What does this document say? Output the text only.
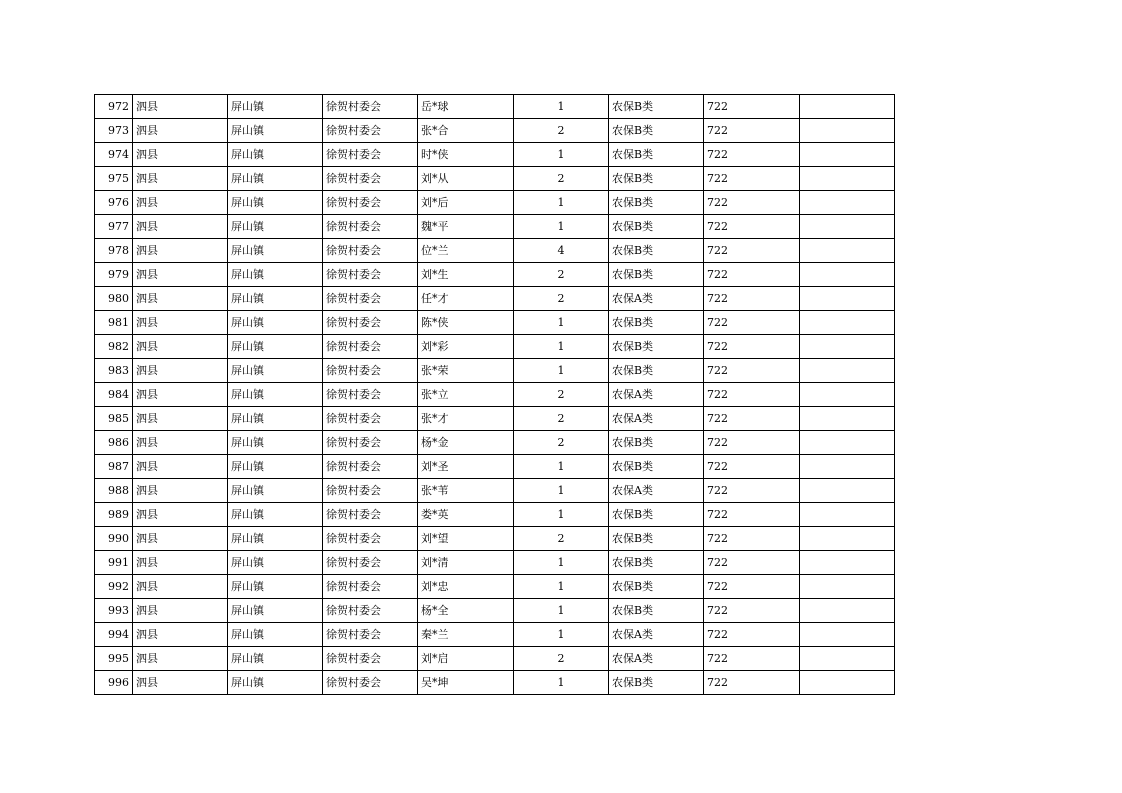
972	泗县	屏山镇	徐贺村委会	岳*球	1	农保B类	722	
973	泗县	屏山镇	徐贺村委会	张*合	2	农保B类	722	
974	泗县	屏山镇	徐贺村委会	时*侠	1	农保B类	722	
975	泗县	屏山镇	徐贺村委会	刘*从	2	农保B类	722	
976	泗县	屏山镇	徐贺村委会	刘*后	1	农保B类	722	
977	泗县	屏山镇	徐贺村委会	魏*平	1	农保B类	722	
978	泗县	屏山镇	徐贺村委会	位*兰	4	农保B类	722	
979	泗县	屏山镇	徐贺村委会	刘*生	2	农保B类	722	
980	泗县	屏山镇	徐贺村委会	任*才	2	农保A类	722	
981	泗县	屏山镇	徐贺村委会	陈*侠	1	农保B类	722	
982	泗县	屏山镇	徐贺村委会	刘*彩	1	农保B类	722	
983	泗县	屏山镇	徐贺村委会	张*荣	1	农保B类	722	
984	泗县	屏山镇	徐贺村委会	张*立	2	农保A类	722	
985	泗县	屏山镇	徐贺村委会	张*才	2	农保A类	722	
986	泗县	屏山镇	徐贺村委会	杨*金	2	农保B类	722	
987	泗县	屏山镇	徐贺村委会	刘*圣	1	农保B类	722	
988	泗县	屏山镇	徐贺村委会	张*苇	1	农保A类	722	
989	泗县	屏山镇	徐贺村委会	娄*英	1	农保B类	722	
990	泗县	屏山镇	徐贺村委会	刘*望	2	农保B类	722	
991	泗县	屏山镇	徐贺村委会	刘*清	1	农保B类	722	
992	泗县	屏山镇	徐贺村委会	刘*忠	1	农保B类	722	
993	泗县	屏山镇	徐贺村委会	杨*全	1	农保B类	722	
994	泗县	屏山镇	徐贺村委会	秦*兰	1	农保A类	722	
995	泗县	屏山镇	徐贺村委会	刘*启	2	农保A类	722	
996	泗县	屏山镇	徐贺村委会	吴*坤	1	农保B类	722	
